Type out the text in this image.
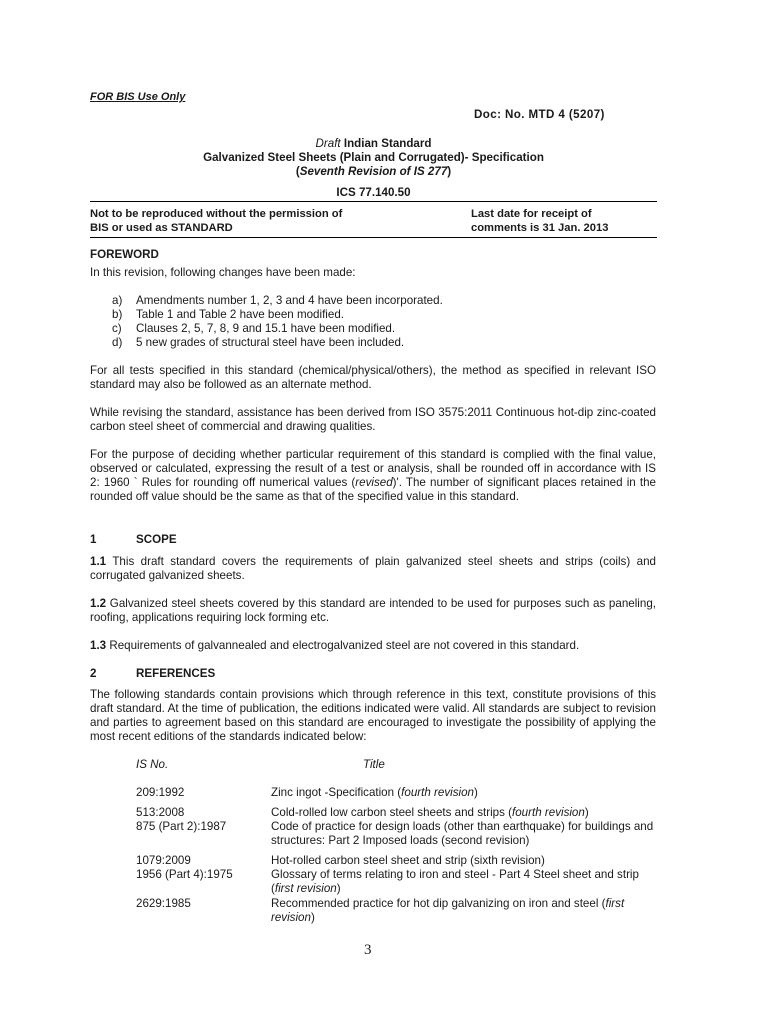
FOR BIS Use Only
Doc: No. MTD 4 (5207)
Draft Indian Standard
Galvanized Steel Sheets (Plain and Corrugated)- Specification
(Seventh Revision of IS 277)
ICS 77.140.50
Not to be reproduced without the permission of
BIS or used as STANDARD
Last date for receipt of
comments is 31 Jan. 2013
FOREWORD
In this revision, following changes have been made:
a) Amendments number 1, 2, 3 and 4 have been incorporated.
b) Table 1 and Table 2 have been modified.
c) Clauses 2, 5, 7, 8, 9 and 15.1 have been modified.
d) 5 new grades of structural steel have been included.
For all tests specified in this standard (chemical/physical/others), the method as specified in relevant ISO standard may also be followed as an alternate method.
While revising the standard, assistance has been derived from ISO 3575:2011 Continuous hot-dip zinc-coated carbon steel sheet of commercial and drawing qualities.
For the purpose of deciding whether particular requirement of this standard is complied with the final value, observed or calculated, expressing the result of a test or analysis, shall be rounded off in accordance with IS 2: 1960 ` Rules for rounding off numerical values (revised)'. The number of significant places retained in the rounded off value should be the same as that of the specified value in this standard.
1	SCOPE
1.1 This draft standard covers the requirements of plain galvanized steel sheets and strips (coils) and corrugated galvanized sheets.
1.2 Galvanized steel sheets covered by this standard are intended to be used for purposes such as paneling, roofing, applications requiring lock forming etc.
1.3 Requirements of galvannealed and electrogalvanized steel are not covered in this standard.
2	REFERENCES
The following standards contain provisions which through reference in this text, constitute provisions of this draft standard. At the time of publication, the editions indicated were valid. All standards are subject to revision and parties to agreement based on this standard are encouraged to investigate the possibility of applying the most recent editions of the standards indicated below:
IS No.	Title
209:1992	Zinc ingot -Specification (fourth revision)
513:2008	Cold-rolled low carbon steel sheets and strips (fourth revision)
875 (Part 2):1987	Code of practice for design loads (other than earthquake) for buildings and structures: Part 2 Imposed loads (second revision)
1079:2009	Hot-rolled carbon steel sheet and strip (sixth revision)
1956 (Part 4):1975	Glossary of terms relating to iron and steel - Part 4 Steel sheet and strip (first revision)
2629:1985	Recommended practice for hot dip galvanizing on iron and steel (first revision)
3
